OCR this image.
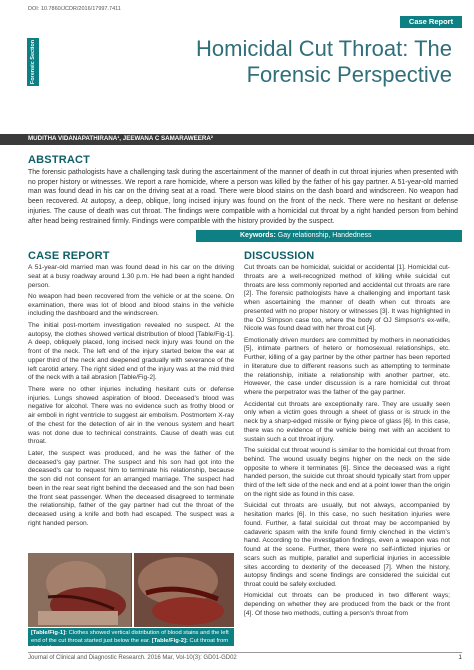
DOI: 10.7860/JCDR/2016/17997.7411
Case Report
Forensic Section	Homicidal Cut Throat: The Forensic Perspective
MUDITHA VIDANAPATHIRANA¹, JEEWANA C SAMARAWEERA²
ABSTRACT

The forensic pathologists have a challenging task during the ascertainment of the manner of death in cut throat injuries when presented with no proper history or witnesses. We report a rare homicide, where a person was killed by the father of his gay partner. A 51-year-old married man was found dead in his car on the driving seat at a road. There were blood stains on the dash board and windscreen. No weapon had been recovered. At autopsy, a deep, oblique, long incised injury was found on the front of the neck. There were no hesitant or defense injuries. The cause of death was cut throat. The findings were compatible with a homicidal cut throat by a right handed person from behind after head being restrained firmly. Findings were compatible with the history provided by the suspect.

Keywords: Gay relationship, Handedness
CASE REPORT

A 51-year-old married man was found dead in his car on the driving seat at a busy roadway around 1.30 p.m. He had been a right handed person.

No weapon had been recovered from the vehicle or at the scene. On examination, there was lot of blood and blood stains in the vehicle including the dashboard and the windscreen.

The initial post-mortem investigation revealed no suspect. At the autopsy, the clothes showed vertical distribution of blood [Table/Fig-1]. A deep, obliquely placed, long incised neck injury was found on the front of the neck. The left end of the injury started below the ear at upper third of the neck and deepened gradually with severance of the left carotid artery. The right sided end of the injury was at the mid third of the neck with a tail abrasion [Table/Fig-2].

There were no other injuries including hesitant cuts or defense injuries. Lungs showed aspiration of blood. Deceased's blood was negative for alcohol. There was no evidence such as frothy blood or air emboli in right ventricle to suggest air embolism. Postmortem X-ray of the chest for the detection of air in the venous system and heart was not done due to technical constraints. Cause of death was cut throat.

Later, the suspect was produced, and he was the father of the deceased's gay partner. The suspect and his son had got into the deceased's car to request him to terminate his relationship, because the son did not consent for an arranged marriage. The suspect had been in the rear seat right behind the deceased and the son had been the front seat passenger. When the deceased disagreed to terminate the relationship, father of the gay partner had cut the throat of the deceased using a knife and both had escaped. The suspect was a right handed person.

DISCUSSION

Cut throats can be homicidal, suicidal or accidental [1]. Homicidal cut-throats are a well-recognized method of killing while suicidal cut throats are less commonly reported and accidental cut throats are rare [2]. The forensic pathologists have a challenging and important task when ascertaining the manner of death when cut throats are presented with no proper history or witnesses [3]. It was highlighted in the OJ Simpson case too, where the body of OJ Simpson's ex-wife, Nicole was found dead with her throat cut [4].

Emotionally driven murders are committed by mothers in neonaticides [5], intimate partners of hetero or homosexual relationships, etc. Further, killing of a gay partner by the other partner has been reported in literature due to different reasons such as attempting to terminate the relationship, initiate a relationship with another partner, etc. However, the case under discussion is a rare homicidal cut throat where the perpetrator was the father of the gay partner.

Accidental cut throats are exceptionally rare. They are usually seen only when a victim goes through a sheet of glass or is struck in the neck by a sharp-edged missile or flying piece of glass [6]. In this case, there was no evidence of the vehicle being met with an accident to sustain such a cut throat injury.

The suicidal cut throat wound is similar to the homicidal cut throat from behind. The wound usually begins higher on the neck on the side opposite to where it terminates [6]. Since the deceased was a right handed person, the suicide cut throat should typically start from upper third of the left side of the neck and end at a point lower than the origin on the right side as found in this case.

Suicidal cut throats are usually, but not always, accompanied by hesitation marks [6]. In this case, no such hesitation injuries were found. Further, a fatal suicidal cut throat may be accompanied by cadaveric spasm with the knife found firmly clenched in the victim's hand. According to the investigation findings, even a weapon was not found at the scene. Further, there were no self-inflicted injuries or scars such as multiple, parallel and superficial injuries in accessible sites according to dexterity of the deceased [7]. When the history, autopsy findings and scene findings are considered the suicidal cut throat could be safely excluded.

Homicidal cut throats can be produced in two different ways; depending on whether they are produced from the back or the front [4]. Of those two methods, cutting a person's throat from

[Table/Fig-1]: Clothes showed vertical distribution of blood stains and the left end of the cut throat started just below the ear. [Table/Fig-2]: Cut throat from right side.
Journal of Clinical and Diagnostic Research. 2016 Mar, Vol-10(3): GD01-GD02	1
